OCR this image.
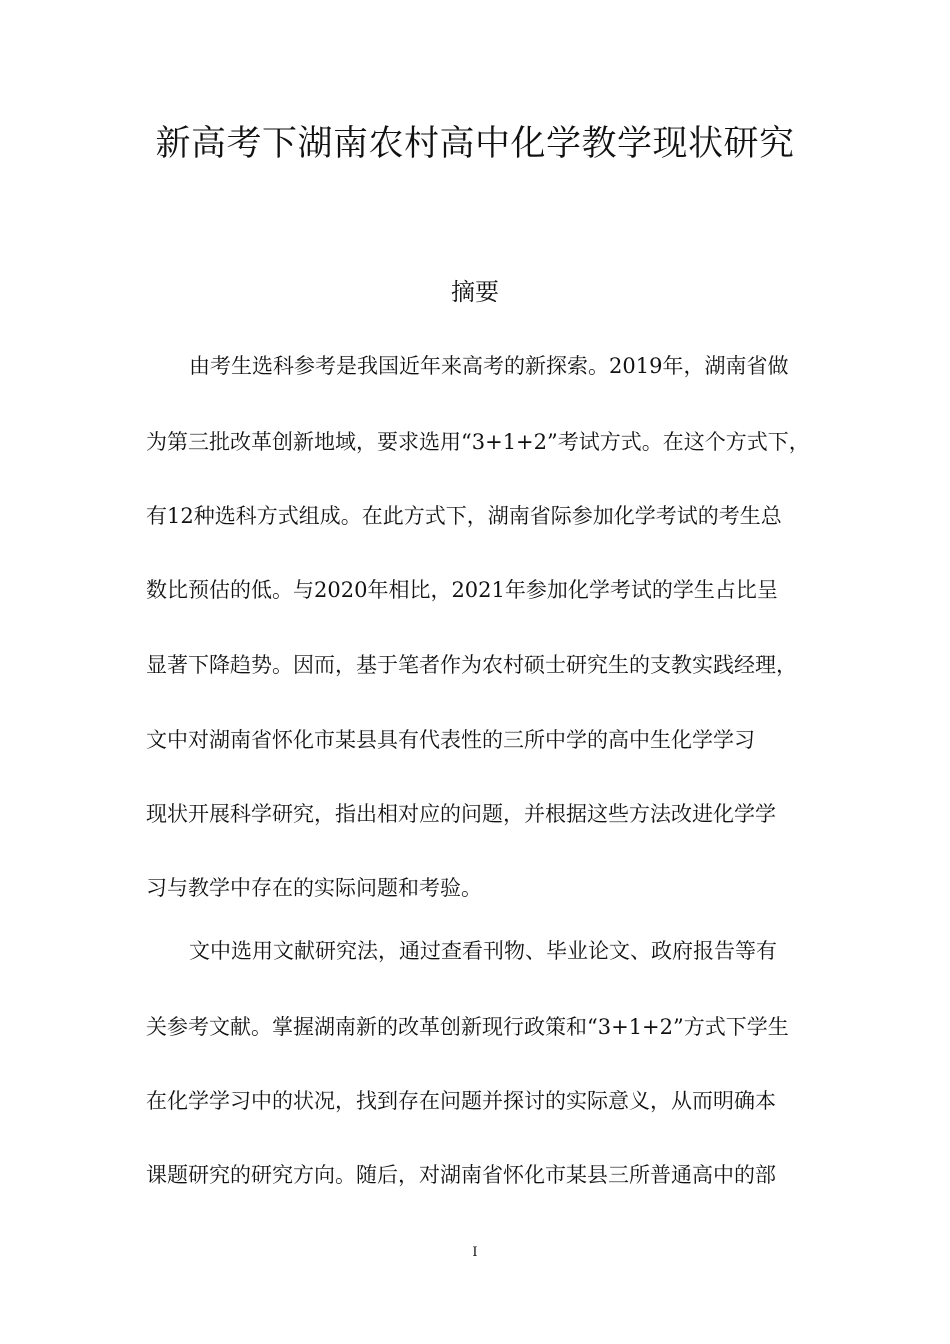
新高考下湖南农村高中化学教学现状研究
摘要
由考生选科参考是我国近年来高考的新探索。2019年，湖南省做
为第三批改革创新地域，要求选用“3+1+2”考试方式。在这个方式下，
有12种选科方式组成。在此方式下，湖南省际参加化学考试的考生总
数比预估的低。与2020年相比，2021年参加化学考试的学生占比呈
显著下降趋势。因而，基于笔者作为农村硕士研究生的支教实践经理，
文中对湖南省怀化市某县具有代表性的三所中学的高中生化学学习
现状开展科学研究，指出相对应的问题，并根据这些方法改进化学学
习与教学中存在的实际问题和考验。
文中选用文献研究法，通过查看刊物、毕业论文、政府报告等有
关参考文献。掌握湖南新的改革创新现行政策和“3+1+2”方式下学生
在化学学习中的状况，找到存在问题并探讨的实际意义，从而明确本
课题研究的研究方向。随后，对湖南省怀化市某县三所普通高中的部
I
